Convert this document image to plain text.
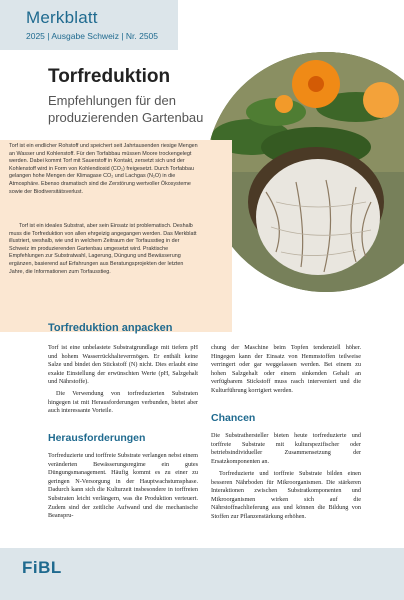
Merkblatt
2025 | Ausgabe Schweiz | Nr. 2505
Torfreduktion
Empfehlungen für den produzierenden Gartenbau

Torf ist ein endlicher Rohstoff und speichert seit Jahrtausenden riesige Mengen an Wasser und Kohlenstoff. Für den Torfabbau müssen Moore trockengelegt werden. Dabei kommt Torf mit Sauerstoff in Kontakt, zersetzt sich und der Kohlenstoff wird in Form von Kohlendioxid (CO₂) freigesetzt. Durch Torfabbau gelangen hohe Mengen der Klimagase CO₂ und Lachgas (N₂O) in die Atmosphäre. Ebenso dramatisch sind die Zerstörung wertvoller Ökosysteme sowie der Biodiversitätsverlust.

Torf ist ein ideales Substrat, aber sein Einsatz ist problematisch. Deshalb muss die Torfreduktion von allen ehrgeizig angegangen werden. Das Merkblatt illustriert, weshalb, wie und in welchem Zeitraum der Torfausstieg in der Schweiz im produzierenden Gartenbau umgesetzt wird. Praktische Empfehlungen zur Substratwahl, Lagerung, Düngung und Bewässerung ergänzen, basierend auf Erfahrungen aus Beratungsprojekten der letzten Jahre, die Informationen zum Torfausstieg.

Torfreduktion anpacken

Torf ist eine unbelastete Substratgrundlage mit tiefem pH und hohem Wasserrückhaltevermögen. Er enthält keine Salze und bindet den Stickstoff (N) nicht. Dies erlaubt eine exakte Einstellung der erwünschten Werte (pH, Salzgehalt und Nährstoffe).

Die Verwendung von torfreduzierten Substraten hingegen ist mit Herausforderungen verbunden, bietet aber auch interessante Vorteile.

Herausforderungen

Torfreduzierte und torffreie Substrate verlangen nebst einem veränderten Bewässerungsregime ein gutes Düngungsmanagement. Häufig kommt es zu einer zu geringen N-Versorgung in der Hauptwachstumsphase. Dadurch kann sich die Kulturzeit insbesondere in torffreien Substraten leicht verlängern, was die Produktion verteuert. Zudem sind der zeitliche Aufwand und die mechanische Beanspru-

chung der Maschine beim Topfen tendenziell höher. Hingegen kann der Einsatz von Hemmstoffen teilweise verringert oder gar weggelassen werden. Bei einem zu hohen Salzgehalt oder einem sinkenden Gehalt an verfügbarem Stickstoff muss rasch interveniert und die Kulturführung korrigiert werden.

Chancen

Die Substrathersteller bieten heute torfreduzierte und torffreie Substrate mit kulturspezifischer oder betriebsindividueller Zusammensetzung der Ersatzkomponenten an.

Torfreduzierte und torffreie Substrate bilden einen besseren Nährboden für Mikroorganismen. Die stärkeren Interaktionen zwischen Substratkomponenten und Mikroorganismen wirken sich auf die Nährstoffnachlieferung aus und können die Bildung von Stoffen zur Pflanzenstärkung erhöhen.

FiBL
